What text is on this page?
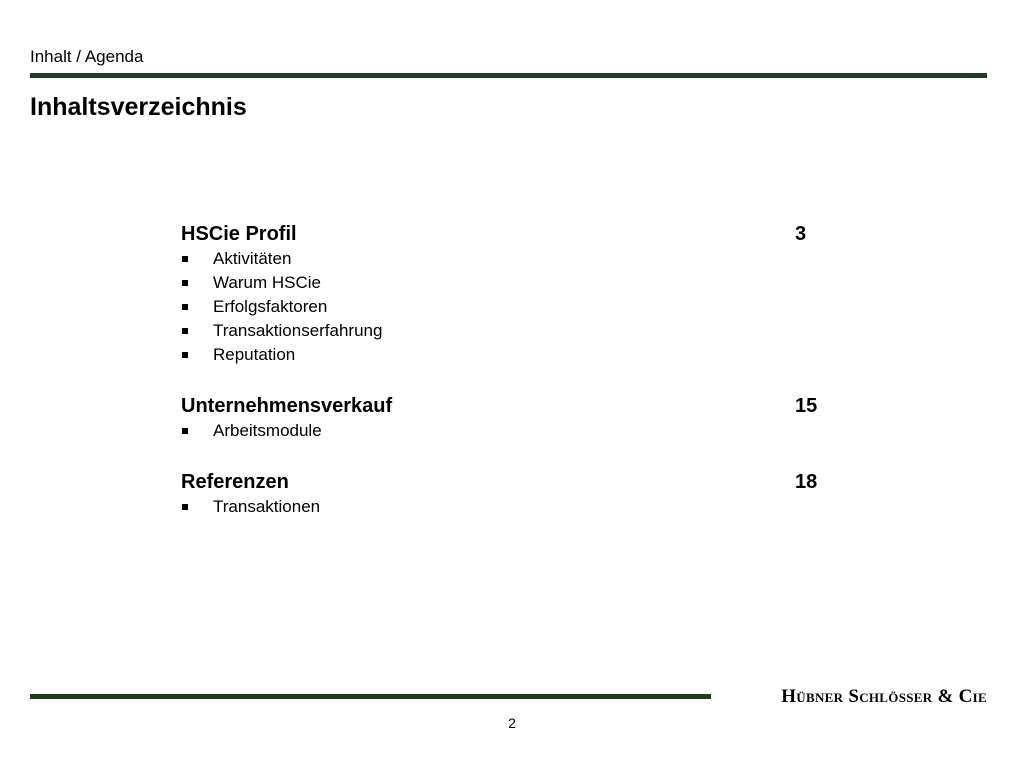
Inhalt / Agenda
Inhaltsverzeichnis
HSCie Profil	3
Aktivitäten
Warum HSCie
Erfolgsfaktoren
Transaktionserfahrung
Reputation
Unternehmensverkauf	15
Arbeitsmodule
Referenzen	18
Transaktionen
Hübner Schlösser & Cie
2
